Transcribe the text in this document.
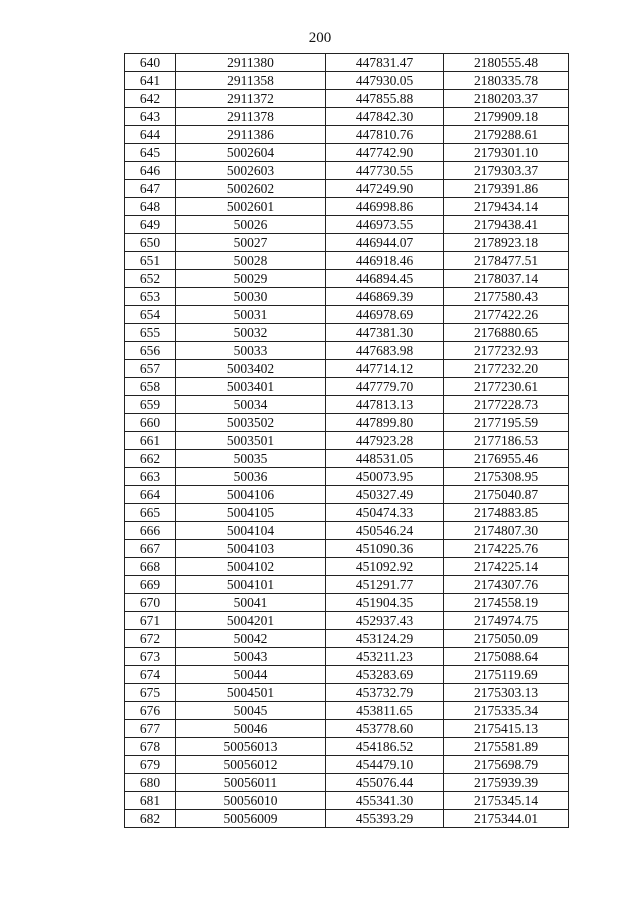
200
640	2911380	447831.47	2180555.48
641	2911358	447930.05	2180335.78
642	2911372	447855.88	2180203.37
643	2911378	447842.30	2179909.18
644	2911386	447810.76	2179288.61
645	5002604	447742.90	2179301.10
646	5002603	447730.55	2179303.37
647	5002602	447249.90	2179391.86
648	5002601	446998.86	2179434.14
649	50026	446973.55	2179438.41
650	50027	446944.07	2178923.18
651	50028	446918.46	2178477.51
652	50029	446894.45	2178037.14
653	50030	446869.39	2177580.43
654	50031	446978.69	2177422.26
655	50032	447381.30	2176880.65
656	50033	447683.98	2177232.93
657	5003402	447714.12	2177232.20
658	5003401	447779.70	2177230.61
659	50034	447813.13	2177228.73
660	5003502	447899.80	2177195.59
661	5003501	447923.28	2177186.53
662	50035	448531.05	2176955.46
663	50036	450073.95	2175308.95
664	5004106	450327.49	2175040.87
665	5004105	450474.33	2174883.85
666	5004104	450546.24	2174807.30
667	5004103	451090.36	2174225.76
668	5004102	451092.92	2174225.14
669	5004101	451291.77	2174307.76
670	50041	451904.35	2174558.19
671	5004201	452937.43	2174974.75
672	50042	453124.29	2175050.09
673	50043	453211.23	2175088.64
674	50044	453283.69	2175119.69
675	5004501	453732.79	2175303.13
676	50045	453811.65	2175335.34
677	50046	453778.60	2175415.13
678	50056013	454186.52	2175581.89
679	50056012	454479.10	2175698.79
680	50056011	455076.44	2175939.39
681	50056010	455341.30	2175345.14
682	50056009	455393.29	2175344.01
